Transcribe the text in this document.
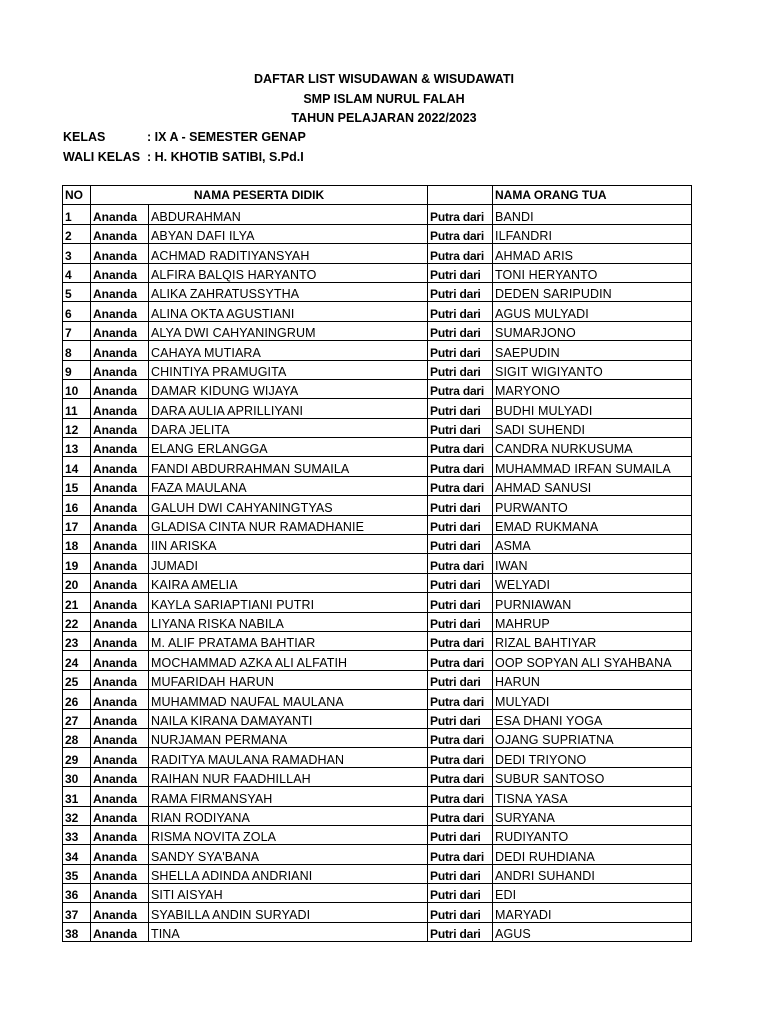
DAFTAR LIST WISUDAWAN & WISUDAWATI
SMP ISLAM NURUL FALAH
TAHUN PELAJARAN 2022/2023
KELAS	: IX A - SEMESTER GENAP
WALI KELAS : H. KHOTIB SATIBI, S.Pd.I
NO	NAMA PESERTA DIDIK			NAMA ORANG TUA
1	Ananda	ABDURAHMAN	Putra dari	BANDI
2	Ananda	ABYAN DAFI ILYA	Putra dari	ILFANDRI
3	Ananda	ACHMAD RADITIYANSYAH	Putra dari	AHMAD ARIS
4	Ananda	ALFIRA BALQIS HARYANTO	Putri dari	TONI HERYANTO
5	Ananda	ALIKA ZAHRATUSSYTHA	Putri dari	DEDEN SARIPUDIN
6	Ananda	ALINA OKTA AGUSTIANI	Putri dari	AGUS MULYADI
7	Ananda	ALYA DWI CAHYANINGRUM	Putri dari	SUMARJONO
8	Ananda	CAHAYA MUTIARA	Putri dari	SAEPUDIN
9	Ananda	CHINTIYA PRAMUGITA	Putri dari	SIGIT WIGIYANTO
10	Ananda	DAMAR KIDUNG WIJAYA	Putra dari	MARYONO
11	Ananda	DARA AULIA APRILLIYANI	Putri dari	BUDHI MULYADI
12	Ananda	DARA JELITA	Putri dari	SADI SUHENDI
13	Ananda	ELANG ERLANGGA	Putra dari	CANDRA NURKUSUMA
14	Ananda	FANDI ABDURRAHMAN SUMAILA	Putra dari	MUHAMMAD IRFAN SUMAILA
15	Ananda	FAZA MAULANA	Putra dari	AHMAD SANUSI
16	Ananda	GALUH DWI CAHYANINGTYAS	Putri dari	PURWANTO
17	Ananda	GLADISA CINTA NUR RAMADHANIE	Putri dari	EMAD RUKMANA
18	Ananda	IIN ARISKA	Putri dari	ASMA
19	Ananda	JUMADI	Putra dari	IWAN
20	Ananda	KAIRA AMELIA	Putri dari	WELYADI
21	Ananda	KAYLA SARIAPTIANI PUTRI	Putri dari	PURNIAWAN
22	Ananda	LIYANA RISKA NABILA	Putri dari	MAHRUP
23	Ananda	M. ALIF PRATAMA BAHTIAR	Putra dari	RIZAL BAHTIYAR
24	Ananda	MOCHAMMAD AZKA ALI ALFATIH	Putra dari	OOP SOPYAN ALI SYAHBANA
25	Ananda	MUFARIDAH HARUN	Putri dari	HARUN
26	Ananda	MUHAMMAD NAUFAL MAULANA	Putra dari	MULYADI
27	Ananda	NAILA KIRANA DAMAYANTI	Putri dari	ESA DHANI YOGA
28	Ananda	NURJAMAN PERMANA	Putra dari	OJANG SUPRIATNA
29	Ananda	RADITYA MAULANA RAMADHAN	Putra dari	DEDI TRIYONO
30	Ananda	RAIHAN NUR FAADHILLAH	Putra dari	SUBUR SANTOSO
31	Ananda	RAMA FIRMANSYAH	Putra dari	TISNA YASA
32	Ananda	RIAN RODIYANA	Putra dari	SURYANA
33	Ananda	RISMA NOVITA ZOLA	Putri dari	RUDIYANTO
34	Ananda	SANDY SYA'BANA	Putra dari	DEDI RUHDIANA
35	Ananda	SHELLA ADINDA ANDRIANI	Putri dari	ANDRI SUHANDI
36	Ananda	SITI AISYAH	Putri dari	EDI
37	Ananda	SYABILLA ANDIN SURYADI	Putri dari	MARYADI
38	Ananda	TINA	Putri dari	AGUS
